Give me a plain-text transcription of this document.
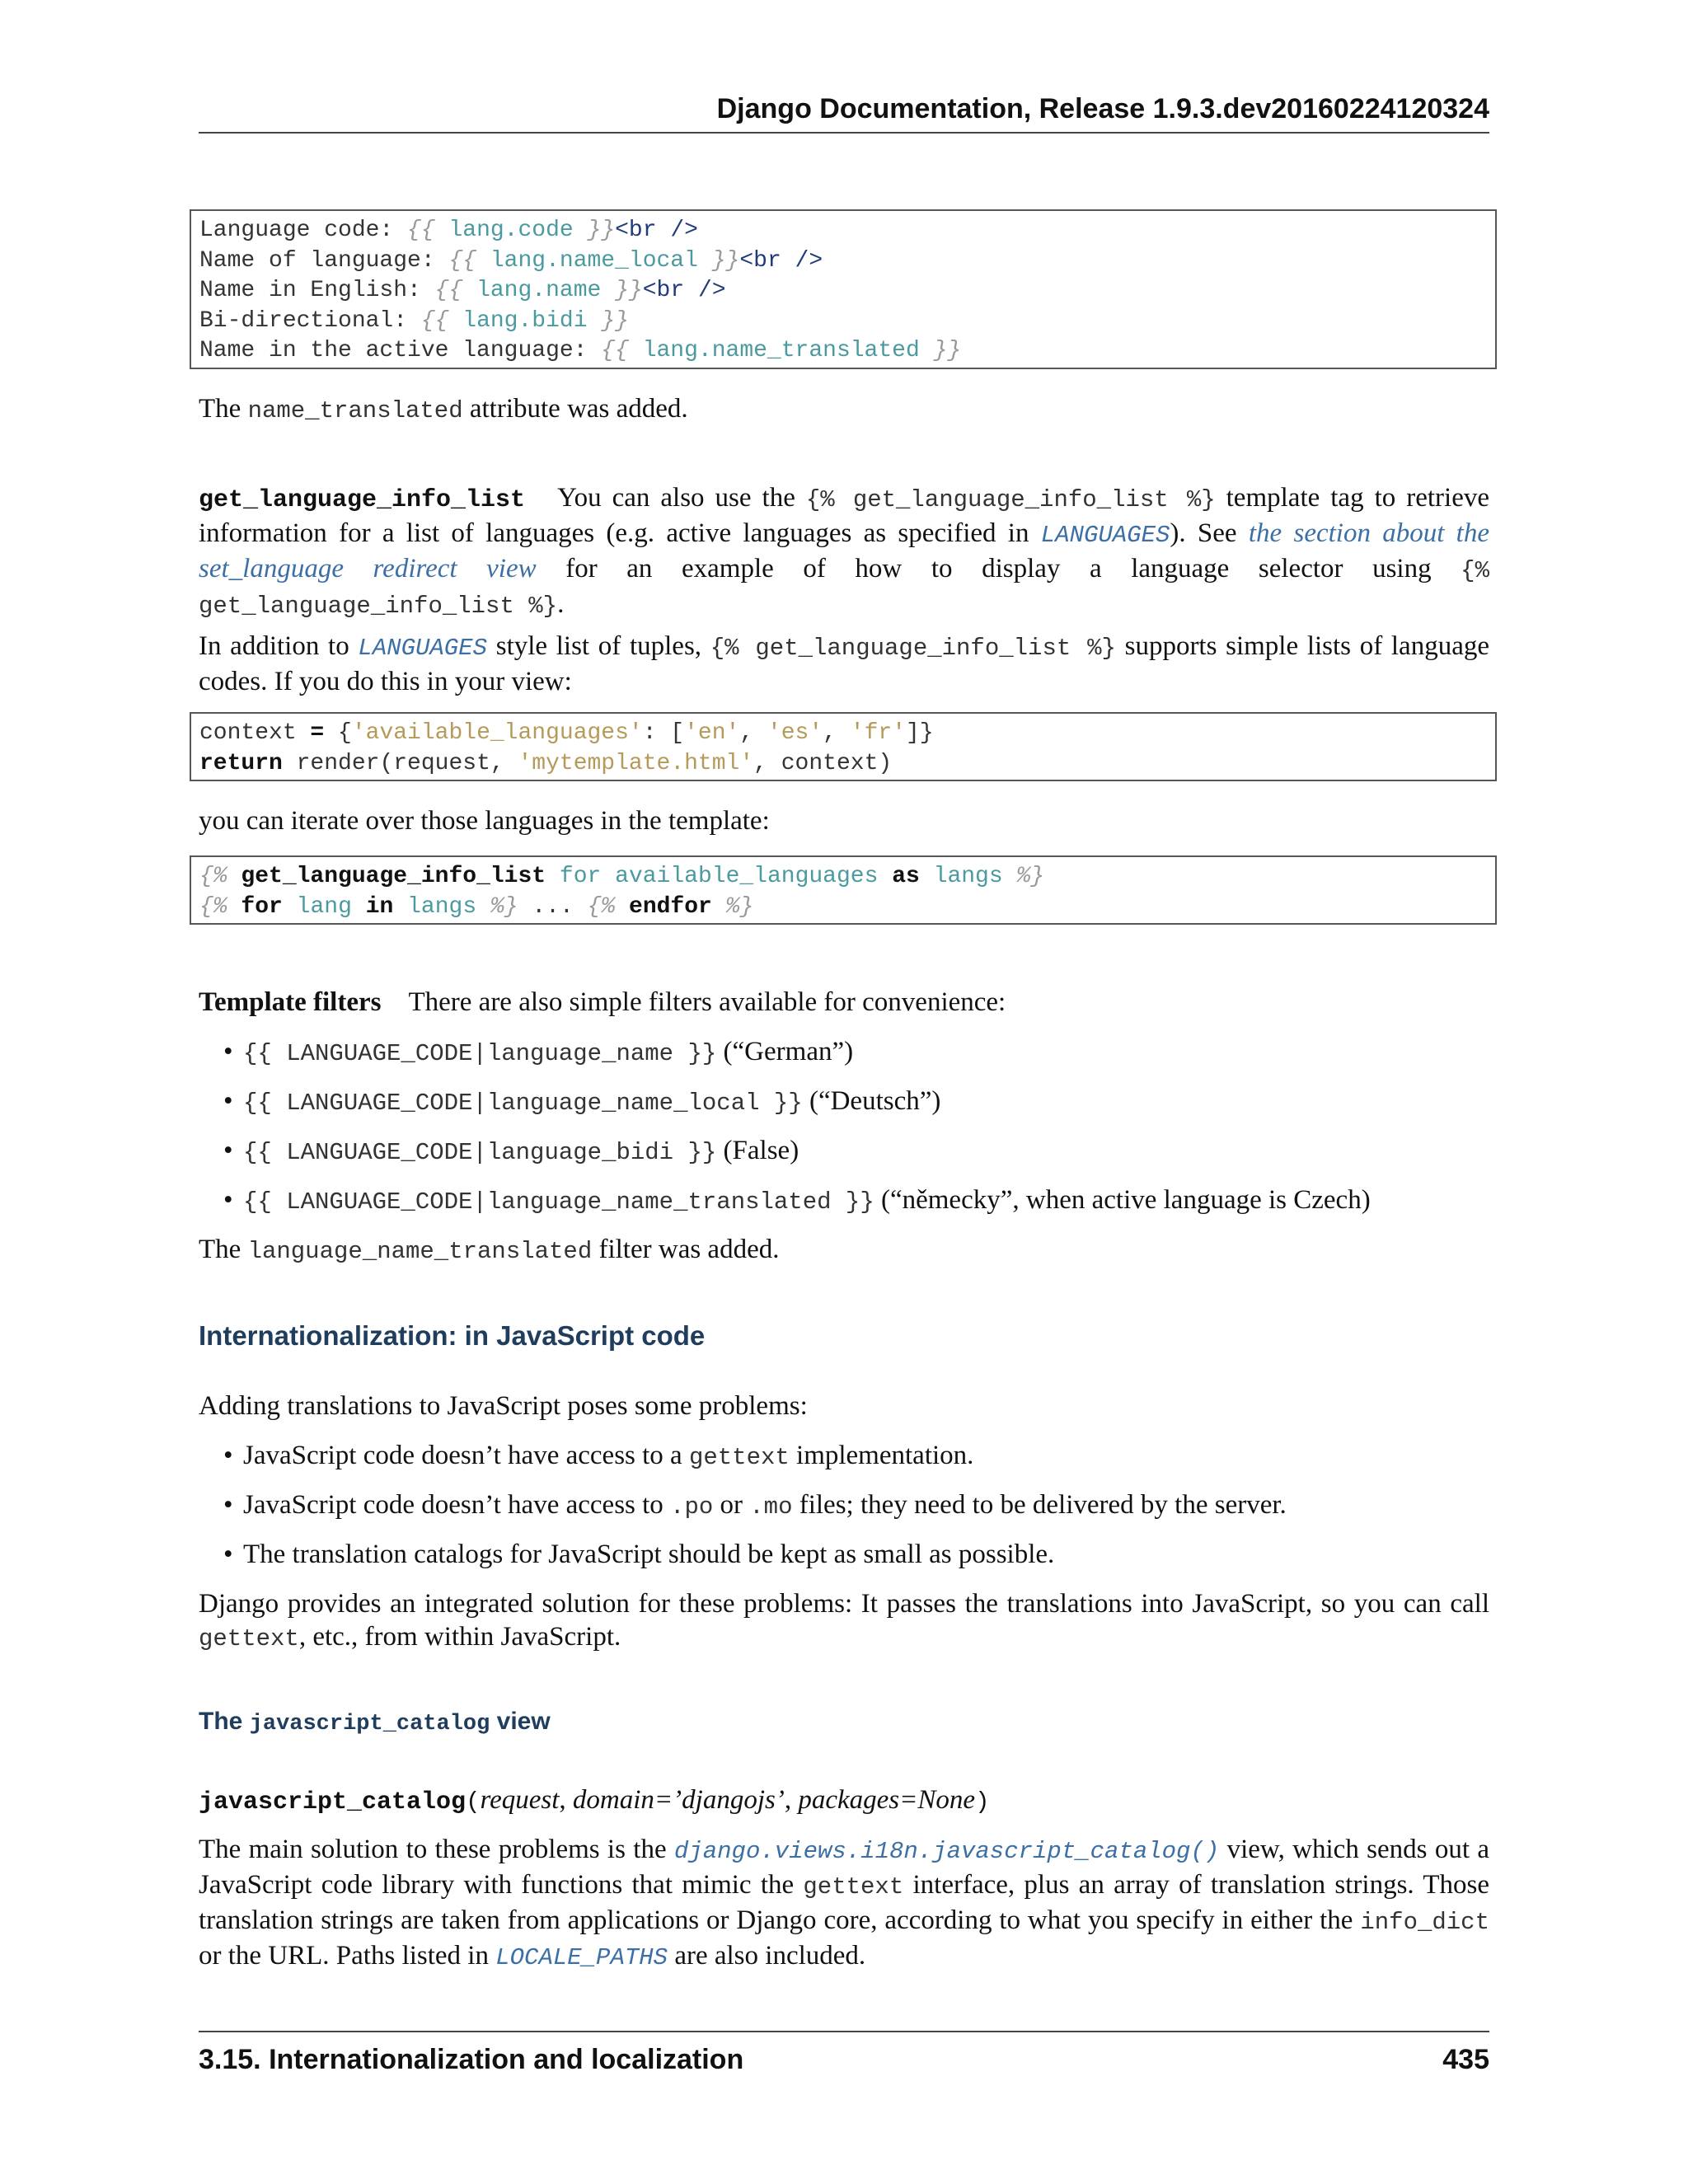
Django Documentation, Release 1.9.3.dev20160224120324
Language code: {{ lang.code }}<br />
Name of language: {{ lang.name_local }}<br />
Name in English: {{ lang.name }}<br />
Bi-directional: {{ lang.bidi }}
Name in the active language: {{ lang.name_translated }}
The name_translated attribute was added.
get_language_info_list You can also use the {% get_language_info_list %} template tag to retrieve information for a list of languages (e.g. active languages as specified in LANGUAGES). See the section about the set_language redirect view for an example of how to display a language selector using {% get_language_info_list %}.
In addition to LANGUAGES style list of tuples, {% get_language_info_list %} supports simple lists of language codes. If you do this in your view:
context = {'available_languages': ['en', 'es', 'fr']}
return render(request, 'mytemplate.html', context)
you can iterate over those languages in the template:
{% get_language_info_list for available_languages as langs %}
{% for lang in langs %} ... {% endfor %}
Template filters There are also simple filters available for convenience:
• {{ LANGUAGE_CODE|language_name }} (“German”)
• {{ LANGUAGE_CODE|language_name_local }} (“Deutsch”)
• {{ LANGUAGE_CODE|language_bidi }} (False)
• {{ LANGUAGE_CODE|language_name_translated }} (“německy”, when active language is Czech)
The language_name_translated filter was added.
Internationalization: in JavaScript code
Adding translations to JavaScript poses some problems:
• JavaScript code doesn’t have access to a gettext implementation.
• JavaScript code doesn’t have access to .po or .mo files; they need to be delivered by the server.
• The translation catalogs for JavaScript should be kept as small as possible.
Django provides an integrated solution for these problems: It passes the translations into JavaScript, so you can call gettext, etc., from within JavaScript.
The javascript_catalog view
javascript_catalog(request, domain=’djangojs’, packages=None)
The main solution to these problems is the django.views.i18n.javascript_catalog() view, which sends out a JavaScript code library with functions that mimic the gettext interface, plus an array of translation strings. Those translation strings are taken from applications or Django core, according to what you specify in either the info_dict or the URL. Paths listed in LOCALE_PATHS are also included.
3.15. Internationalization and localization	435
